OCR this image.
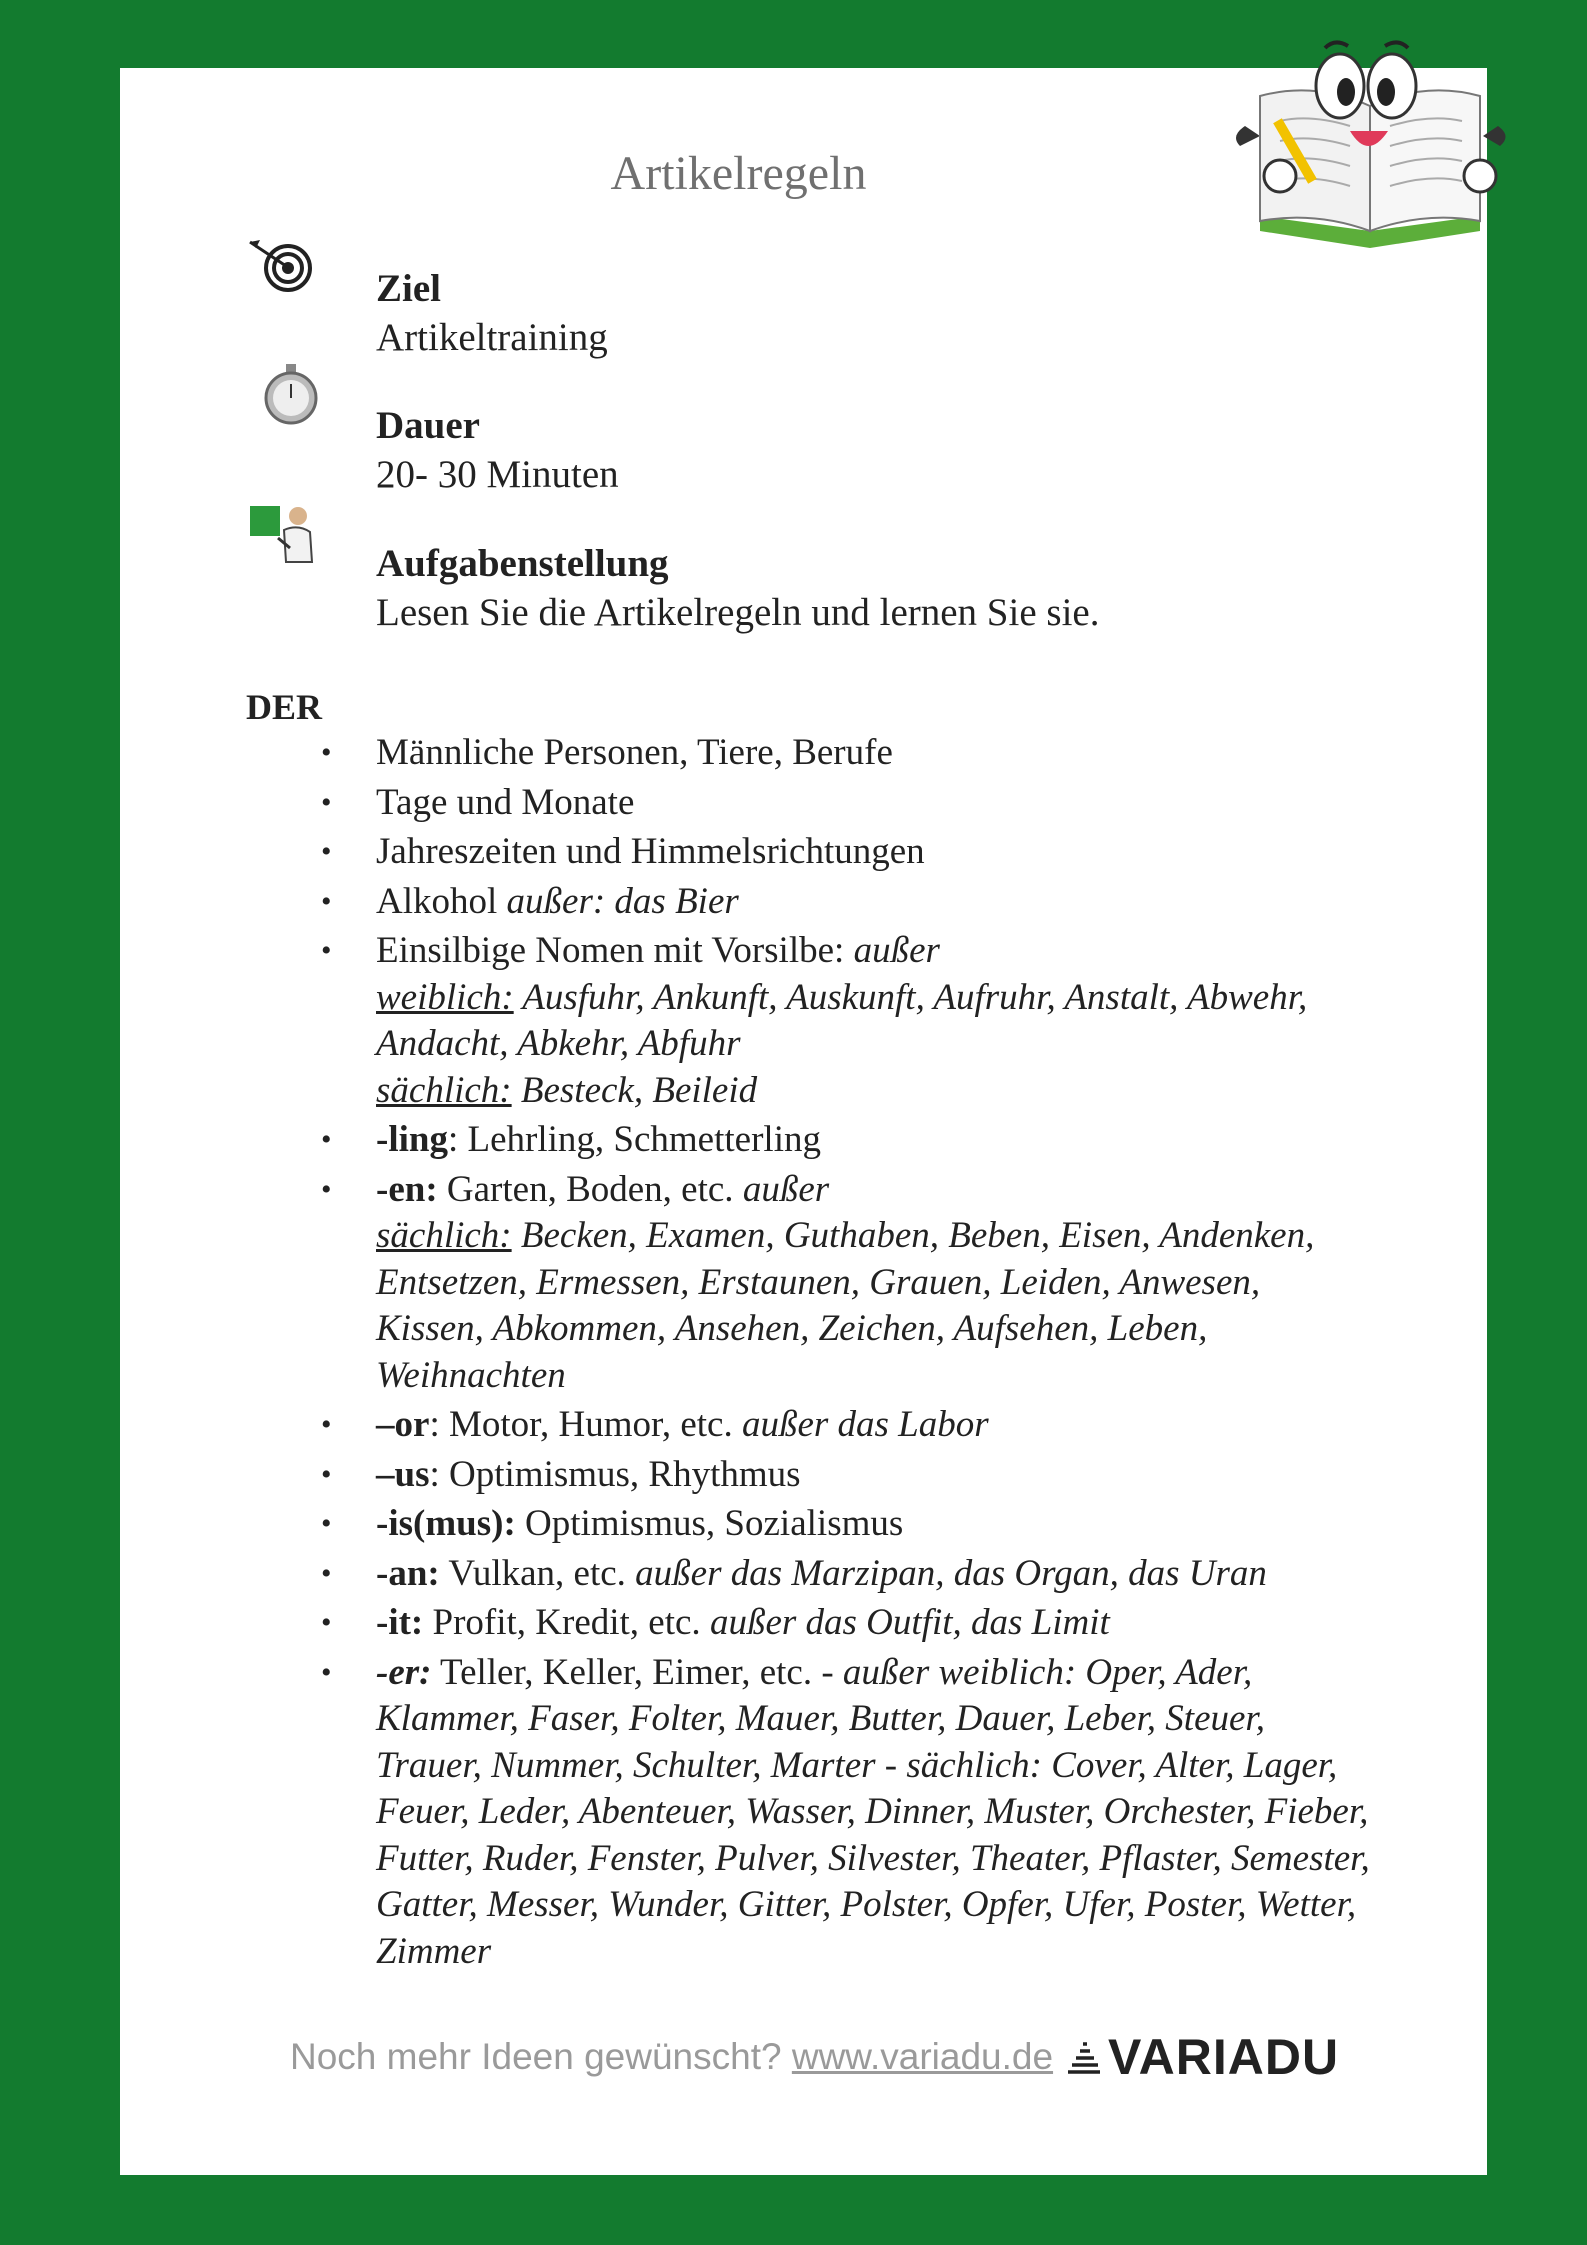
Artikelregeln
Ziel
Artikeltraining
Dauer
20- 30 Minuten
Aufgabenstellung
Lesen Sie die Artikelregeln und lernen Sie sie.
DER
• Männliche Personen, Tiere, Berufe
• Tage und Monate
• Jahreszeiten und Himmelsrichtungen
• Alkohol außer: das Bier
• Einsilbige Nomen mit Vorsilbe: außer
weiblich: Ausfuhr, Ankunft, Auskunft, Aufruhr, Anstalt, Abwehr, Andacht, Abkehr, Abfuhr
sächlich: Besteck, Beileid
• -ling: Lehrling, Schmetterling
• -en: Garten, Boden, etc. außer
sächlich: Becken, Examen, Guthaben, Beben, Eisen, Andenken, Entsetzen, Ermessen, Erstaunen, Grauen, Leiden, Anwesen, Kissen, Abkommen, Ansehen, Zeichen, Aufsehen, Leben, Weihnachten
• –or: Motor, Humor, etc. außer das Labor
• –us: Optimismus, Rhythmus
• -is(mus): Optimismus, Sozialismus
• -an: Vulkan, etc. außer das Marzipan, das Organ, das Uran
• -it: Profit, Kredit, etc. außer das Outfit, das Limit
• -er: Teller, Keller, Eimer, etc. - außer weiblich: Oper, Ader, Klammer, Faser, Folter, Mauer, Butter, Dauer, Leber, Steuer, Trauer, Nummer, Schulter, Marter - sächlich: Cover, Alter, Lager, Feuer, Leder, Abenteuer, Wasser, Dinner, Muster, Orchester, Fieber, Futter, Ruder, Fenster, Pulver, Silvester, Theater, Pflaster, Semester, Gatter, Messer, Wunder, Gitter, Polster, Opfer, Ufer, Poster, Wetter, Zimmer
Noch mehr Ideen gewünscht? www.variadu.de	VARIADU
